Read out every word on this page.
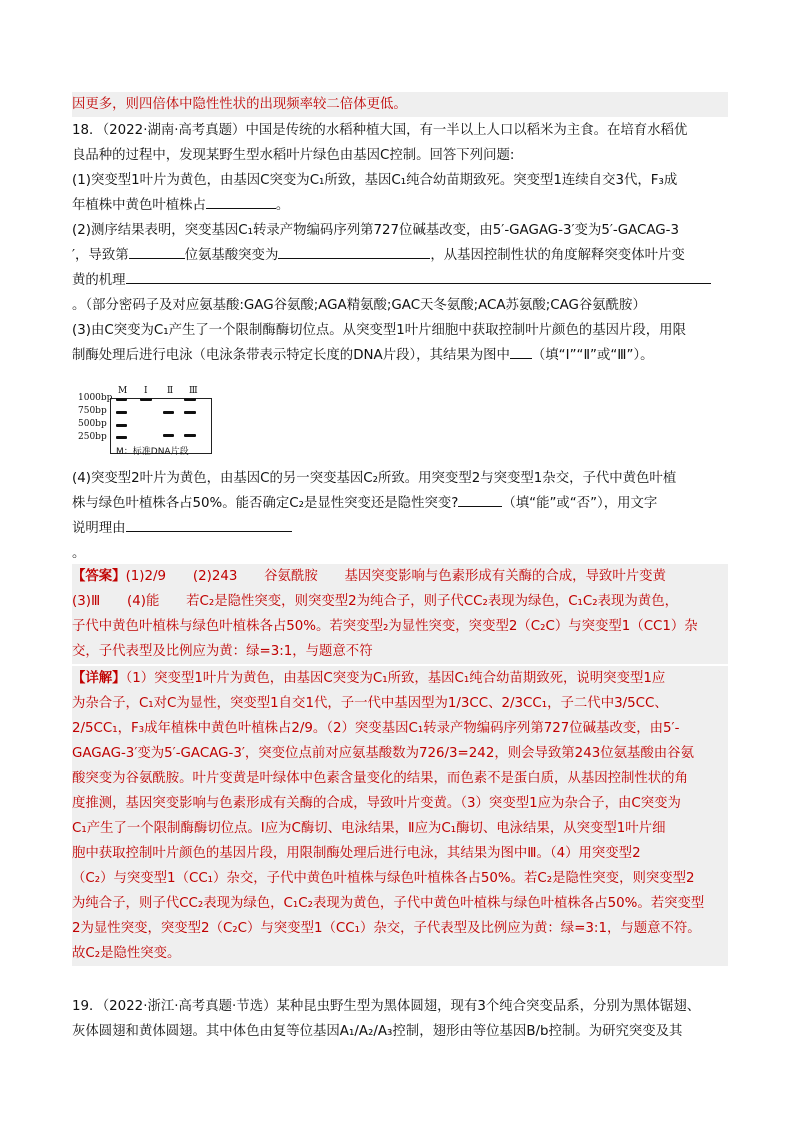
因更多，则四倍体中隐性性状的出现频率较二倍体更低。
18．（2022·湖南·高考真题）中国是传统的水稻种植大国，有一半以上人口以稻米为主食。在培育水稻优
良品种的过程中，发现某野生型水稻叶片绿色由基因C控制。回答下列问题:
(1)突变型1叶片为黄色，由基因C突变为C₁所致，基因C₁纯合幼苗期致死。突变型1连续自交3代，F₃成
年植株中黄色叶植株占	。
(2)测序结果表明，突变基因C₁转录产物编码序列第727位碱基改变，由5′-GAGAG-3′变为5′-GACAG-3
′，导致第	位氨基酸突变为	，从基因控制性状的角度解释突变体叶片变
黄的机理
。（部分密码子及对应氨基酸:GAG谷氨酸;AGA精氨酸;GAC天冬氨酸;ACA苏氨酸;CAG谷氨酰胺）
(3)由C突变为C₁产生了一个限制酶酶切位点。从突变型1叶片细胞中获取控制叶片颜色的基因片段，用限
制酶处理后进行电泳（电泳条带表示特定长度的DNA片段），其结果为图中 （填“I”“Ⅱ”或“Ⅲ”）。
M I Ⅱ Ⅲ
1000bp
750bp
500bp
250bp
M：标准DNA片段
(4)突变型2叶片为黄色，由基因C的另一突变基因C₂所致。用突变型2与突变型1杂交，子代中黄色叶植
株与绿色叶植株各占50%。能否确定C₂是显性突变还是隐性突变?	（填“能”或“否”），用文字
说明理由
。
【答案】(1)2/9　　(2)243　　谷氨酰胺　　基因突变影响与色素形成有关酶的合成，导致叶片变黄
(3)Ⅲ　　(4)能　　若C₂是隐性突变，则突变型2为纯合子，则子代CC₂表现为绿色，C₁C₂表现为黄色，
子代中黄色叶植株与绿色叶植株各占50%。若突变型₂为显性突变，突变型2（C₂C）与突变型1（CC1）杂
交，子代表型及比例应为黄：绿=3:1，与题意不符
【详解】（1）突变型1叶片为黄色，由基因C突变为C₁所致，基因C₁纯合幼苗期致死，说明突变型1应
为杂合子，C₁对C为显性，突变型1自交1代，子一代中基因型为1/3CC、2/3CC₁，子二代中3/5CC、
2/5CC₁，F₃成年植株中黄色叶植株占2/9。（2）突变基因C₁转录产物编码序列第727位碱基改变，由5′-
GAGAG-3′变为5′-GACAG-3′，突变位点前对应氨基酸数为726/3=242，则会导致第243位氨基酸由谷氨
酸突变为谷氨酰胺。叶片变黄是叶绿体中色素含量变化的结果，而色素不是蛋白质，从基因控制性状的角
度推测，基因突变影响与色素形成有关酶的合成，导致叶片变黄。（3）突变型1应为杂合子，由C突变为
C₁产生了一个限制酶酶切位点。Ⅰ应为C酶切、电泳结果，Ⅱ应为C₁酶切、电泳结果，从突变型1叶片细
胞中获取控制叶片颜色的基因片段，用限制酶处理后进行电泳，其结果为图中Ⅲ。（4）用突变型2
（C₂）与突变型1（CC₁）杂交，子代中黄色叶植株与绿色叶植株各占50%。若C₂是隐性突变，则突变型2
为纯合子，则子代CC₂表现为绿色，C₁C₂表现为黄色，子代中黄色叶植株与绿色叶植株各占50%。若突变型
2为显性突变，突变型2（C₂C）与突变型1（CC₁）杂交，子代表型及比例应为黄：绿=3:1，与题意不符。
故C₂是隐性突变。
19．（2022·浙江·高考真题·节选）某种昆虫野生型为黑体圆翅，现有3个纯合突变品系，分别为黑体锯翅、
灰体圆翅和黄体圆翅。其中体色由复等位基因A₁/A₂/A₃控制，翅形由等位基因B/b控制。为研究突变及其
